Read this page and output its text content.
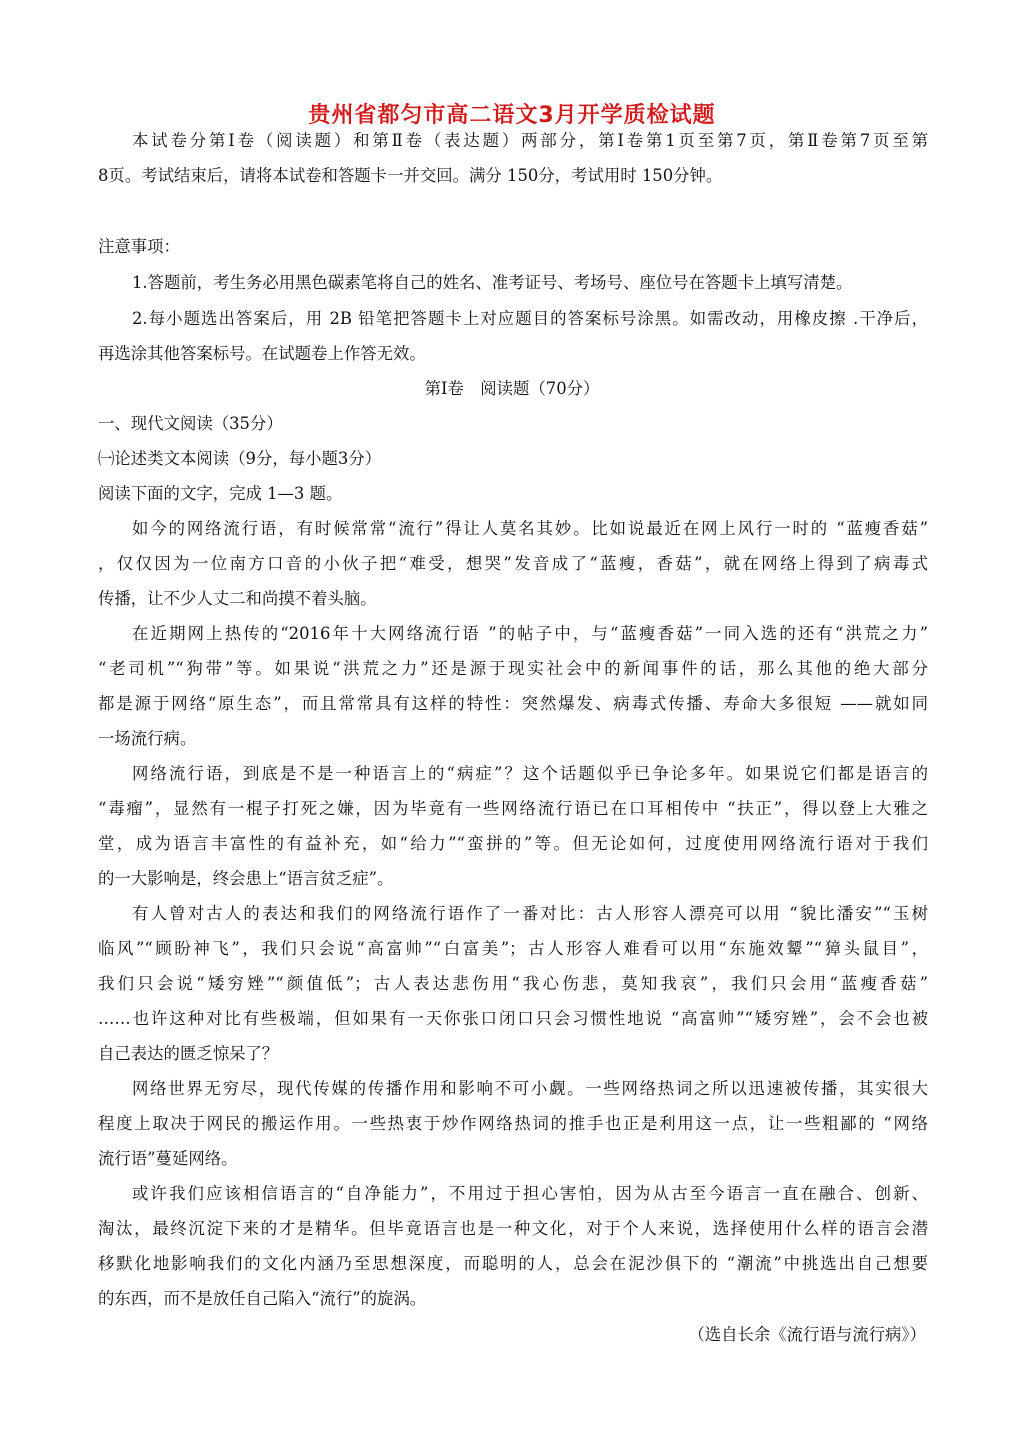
贵州省都匀市高二语文3月开学质检试题
本试卷分第Ⅰ卷（阅读题）和第Ⅱ卷（表达题）两部分，第Ⅰ卷第1页至第7页，第Ⅱ卷第7页至第
8页。考试结束后，请将本试卷和答题卡一并交回。满分 150分，考试用时 150分钟。
注意事项：
1.答题前，考生务必用黑色碳素笔将自己的姓名、准考证号、考场号、座位号在答题卡上填写清楚。
2.每小题选出答案后，用 2B 铅笔把答题卡上对应题目的答案标号涂黑。如需改动，用橡皮擦 .干净后，
再选涂其他答案标号。在试题卷上作答无效。
第Ⅰ卷　阅读题（70分）
一、现代文阅读（35分）
㈠论述类文本阅读（9分，每小题3分）
阅读下面的文字，完成 1—3 题。
如今的网络流行语，有时候常常“流行”得让人莫名其妙。比如说最近在网上风行一时的 “蓝瘦香菇”
，仅仅因为一位南方口音的小伙子把“难受，想哭”发音成了“蓝瘦，香菇”，就在网络上得到了病毒式
传播，让不少人丈二和尚摸不着头脑。
在近期网上热传的“2016年十大网络流行语 ”的帖子中，与“蓝瘦香菇”一同入选的还有“洪荒之力”
“老司机”“狗带”等。如果说“洪荒之力”还是源于现实社会中的新闻事件的话，那么其他的绝大部分
都是源于网络“原生态”，而且常常具有这样的特性：突然爆发、病毒式传播、寿命大多很短 ——就如同
一场流行病。
网络流行语，到底是不是一种语言上的“病症”？这个话题似乎已争论多年。如果说它们都是语言的
“毒瘤”，显然有一棍子打死之嫌，因为毕竟有一些网络流行语已在口耳相传中 “扶正”，得以登上大雅之
堂，成为语言丰富性的有益补充，如“给力”“蛮拼的”等。但无论如何，过度使用网络流行语对于我们
的一大影响是，终会患上“语言贫乏症”。
有人曾对古人的表达和我们的网络流行语作了一番对比：古人形容人漂亮可以用 “貌比潘安”“玉树
临风”“顾盼神飞”，我们只会说“高富帅”“白富美”；古人形容人难看可以用“东施效颦”“獐头鼠目”，
我们只会说“矮穷矬”“颜值低”；古人表达悲伤用“我心伤悲，莫知我哀”，我们只会用“蓝瘦香菇”
……也许这种对比有些极端，但如果有一天你张口闭口只会习惯性地说 “高富帅”“矮穷矬”，会不会也被
自己表达的匮乏惊呆了？
网络世界无穷尽，现代传媒的传播作用和影响不可小觑。一些网络热词之所以迅速被传播，其实很大
程度上取决于网民的搬运作用。一些热衷于炒作网络热词的推手也正是利用这一点，让一些粗鄙的 “网络
流行语”蔓延网络。
或许我们应该相信语言的“自净能力”，不用过于担心害怕，因为从古至今语言一直在融合、创新、
淘汰，最终沉淀下来的才是精华。但毕竟语言也是一种文化，对于个人来说，选择使用什么样的语言会潜
移默化地影响我们的文化内涵乃至思想深度，而聪明的人，总会在泥沙俱下的 “潮流”中挑选出自己想要
的东西，而不是放任自己陷入“流行”的旋涡。
（选自长余《流行语与流行病》）
